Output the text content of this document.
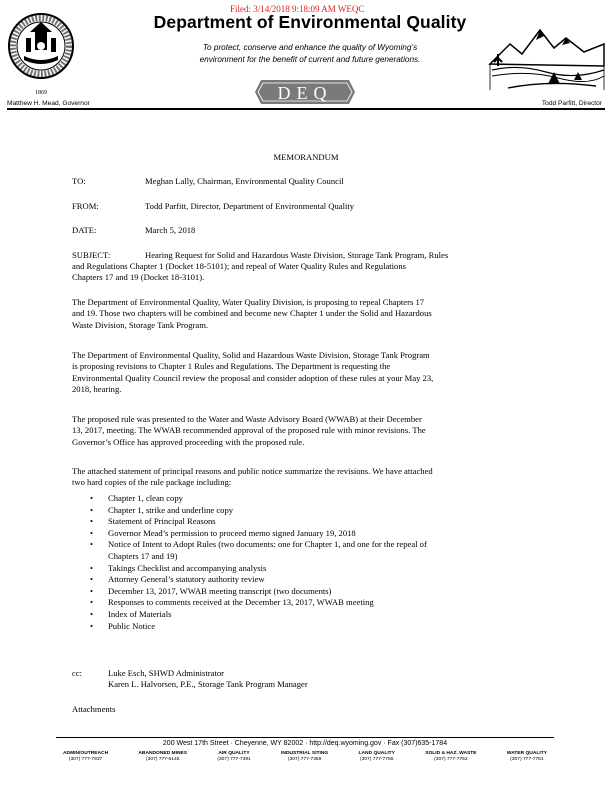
1869
Department of Environmental Quality
Filed: 3/14/2018 9:18:09 AM WEQC
To protect, conserve and enhance the quality of Wyoming’s
environment for the benefit of current and future generations.
DEQ
Matthew H. Mead, Governor	Todd Parfitt, Director
MEMORANDUM
TO:	Meghan Lally, Chairman, Environmental Quality Council
FROM:	Todd Parfitt, Director, Department of Environmental Quality
DATE:	March 5, 2018
SUBJECT:	Hearing Request for Solid and Hazardous Waste Division, Storage Tank Program, Rules
and Regulations Chapter 1 (Docket 18-5101); and repeal of Water Quality Rules and Regulations
Chapters 17 and 19 (Docket 18-3101).
The Department of Environmental Quality, Water Quality Division, is proposing to repeal Chapters 17
and 19. Those two chapters will be combined and become new Chapter 1 under the Solid and Hazardous
Waste Division, Storage Tank Program.
The Department of Environmental Quality, Solid and Hazardous Waste Division, Storage Tank Program
is proposing revisions to Chapter 1 Rules and Regulations. The Department is requesting the
Environmental Quality Council review the proposal and consider adoption of these rules at your May 23,
2018, hearing.
The proposed rule was presented to the Water and Waste Advisory Board (WWAB) at their December
13, 2017, meeting. The WWAB recommended approval of the proposed rule with minor revisions. The
Governor’s Office has approved proceeding with the proposed rule.
The attached statement of principal reasons and public notice summarize the revisions. We have attached
two hard copies of the rule package including:
• Chapter 1, clean copy
• Chapter 1, strike and underline copy
• Statement of Principal Reasons
• Governor Mead’s permission to proceed memo signed January 19, 2018
• Notice of Intent to Adopt Rules (two documents: one for Chapter 1, and one for the repeal of
Chapters 17 and 19)
• Takings Checklist and accompanying analysis
• Attorney General’s statutory authority review
• December 13, 2017, WWAB meeting transcript (two documents)
• Responses to comments received at the December 13, 2017, WWAB meeting
• Index of Materials
• Public Notice
cc:	Luke Esch, SHWD Administrator
Karen L. Halvorsen, P.E., Storage Tank Program Manager
Attachments
200 West 17th Street · Cheyenne, WY 82002 · http://deq.wyoming.gov · Fax (307)635-1784
ADMIN/OUTREACH
(307) 777-7937
ABANDONED MINES
(307) 777-6145
AIR QUALITY
(307) 777-7391
INDUSTRIAL SITING
(307) 777-7369
LAND QUALITY
(307) 777-7756
SOLID & HAZ. WASTE
(307) 777-7752
WATER QUALITY
(307) 777-7781
